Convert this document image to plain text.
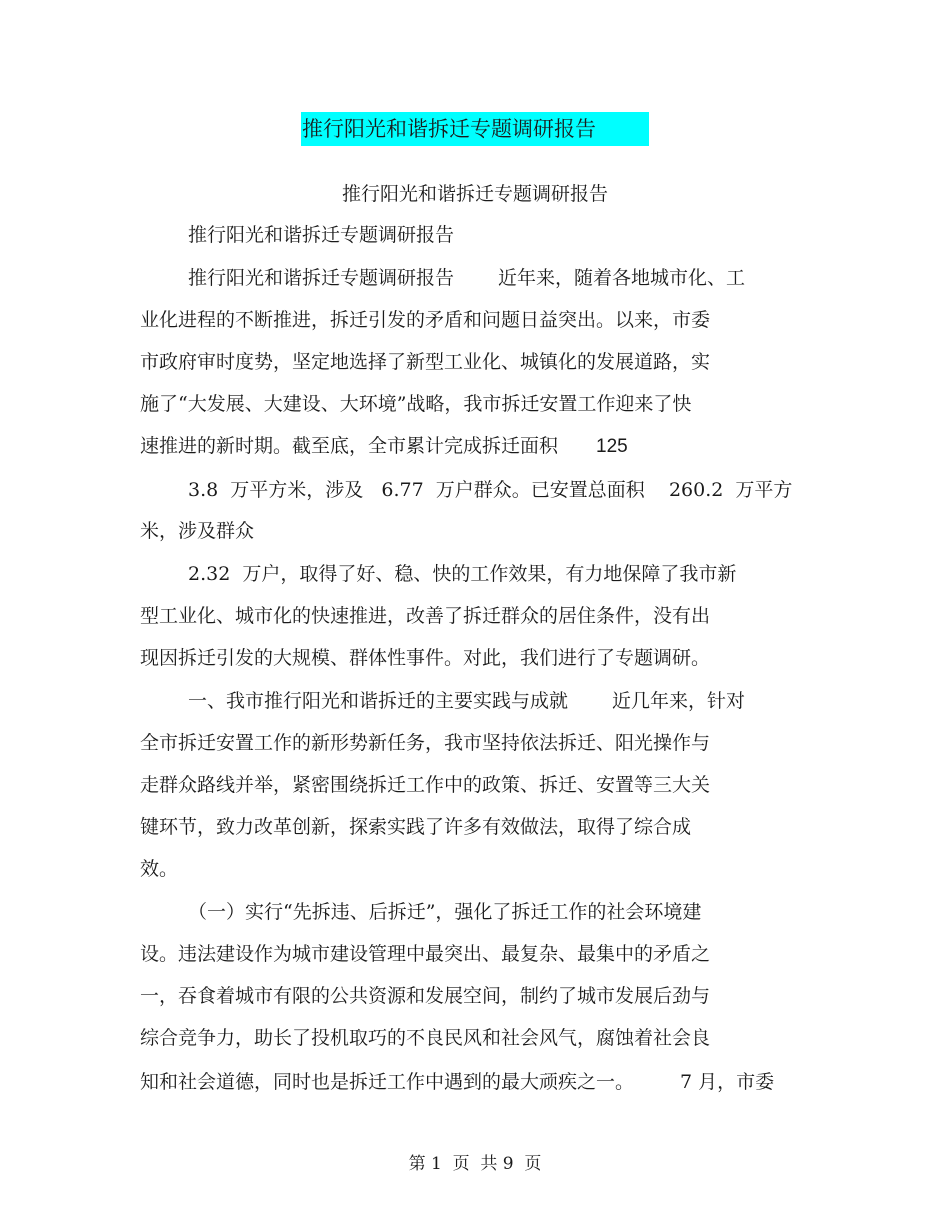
推行阳光和谐拆迁专题调研报告
推行阳光和谐拆迁专题调研报告
推行阳光和谐拆迁专题调研报告
推行阳光和谐拆迁专题调研报告 近年来，随着各地城市化、工
业化进程的不断推进，拆迁引发的矛盾和问题日益突出。以来，市委
市政府审时度势，坚定地选择了新型工业化、城镇化的发展道路，实
施了“大发展、大建设、大环境”战略，我市拆迁安置工作迎来了快
速推进的新时期。截至底，全市累计完成拆迁面积 125
3.8  万平方米，涉及   6.77  万户群众。已安置总面积    260.2  万平方
米，涉及群众
2.32  万户，取得了好、稳、快的工作效果，有力地保障了我市新
型工业化、城市化的快速推进，改善了拆迁群众的居住条件，没有出
现因拆迁引发的大规模、群体性事件。对此，我们进行了专题调研。
一、我市推行阳光和谐拆迁的主要实践与成就 近几年来，针对
全市拆迁安置工作的新形势新任务，我市坚持依法拆迁、阳光操作与
走群众路线并举，紧密围绕拆迁工作中的政策、拆迁、安置等三大关
键环节，致力改革创新，探索实践了许多有效做法，取得了综合成
效。
（一）实行“先拆违、后拆迁”，强化了拆迁工作的社会环境建
设。违法建设作为城市建设管理中最突出、最复杂、最集中的矛盾之
一，吞食着城市有限的公共资源和发展空间，制约了城市发展后劲与
综合竞争力，助长了投机取巧的不良民风和社会风气，腐蚀着社会良
知和社会道德，同时也是拆迁工作中遇到的最大顽疾之一。 7 月，市委
第 1  页  共 9  页
